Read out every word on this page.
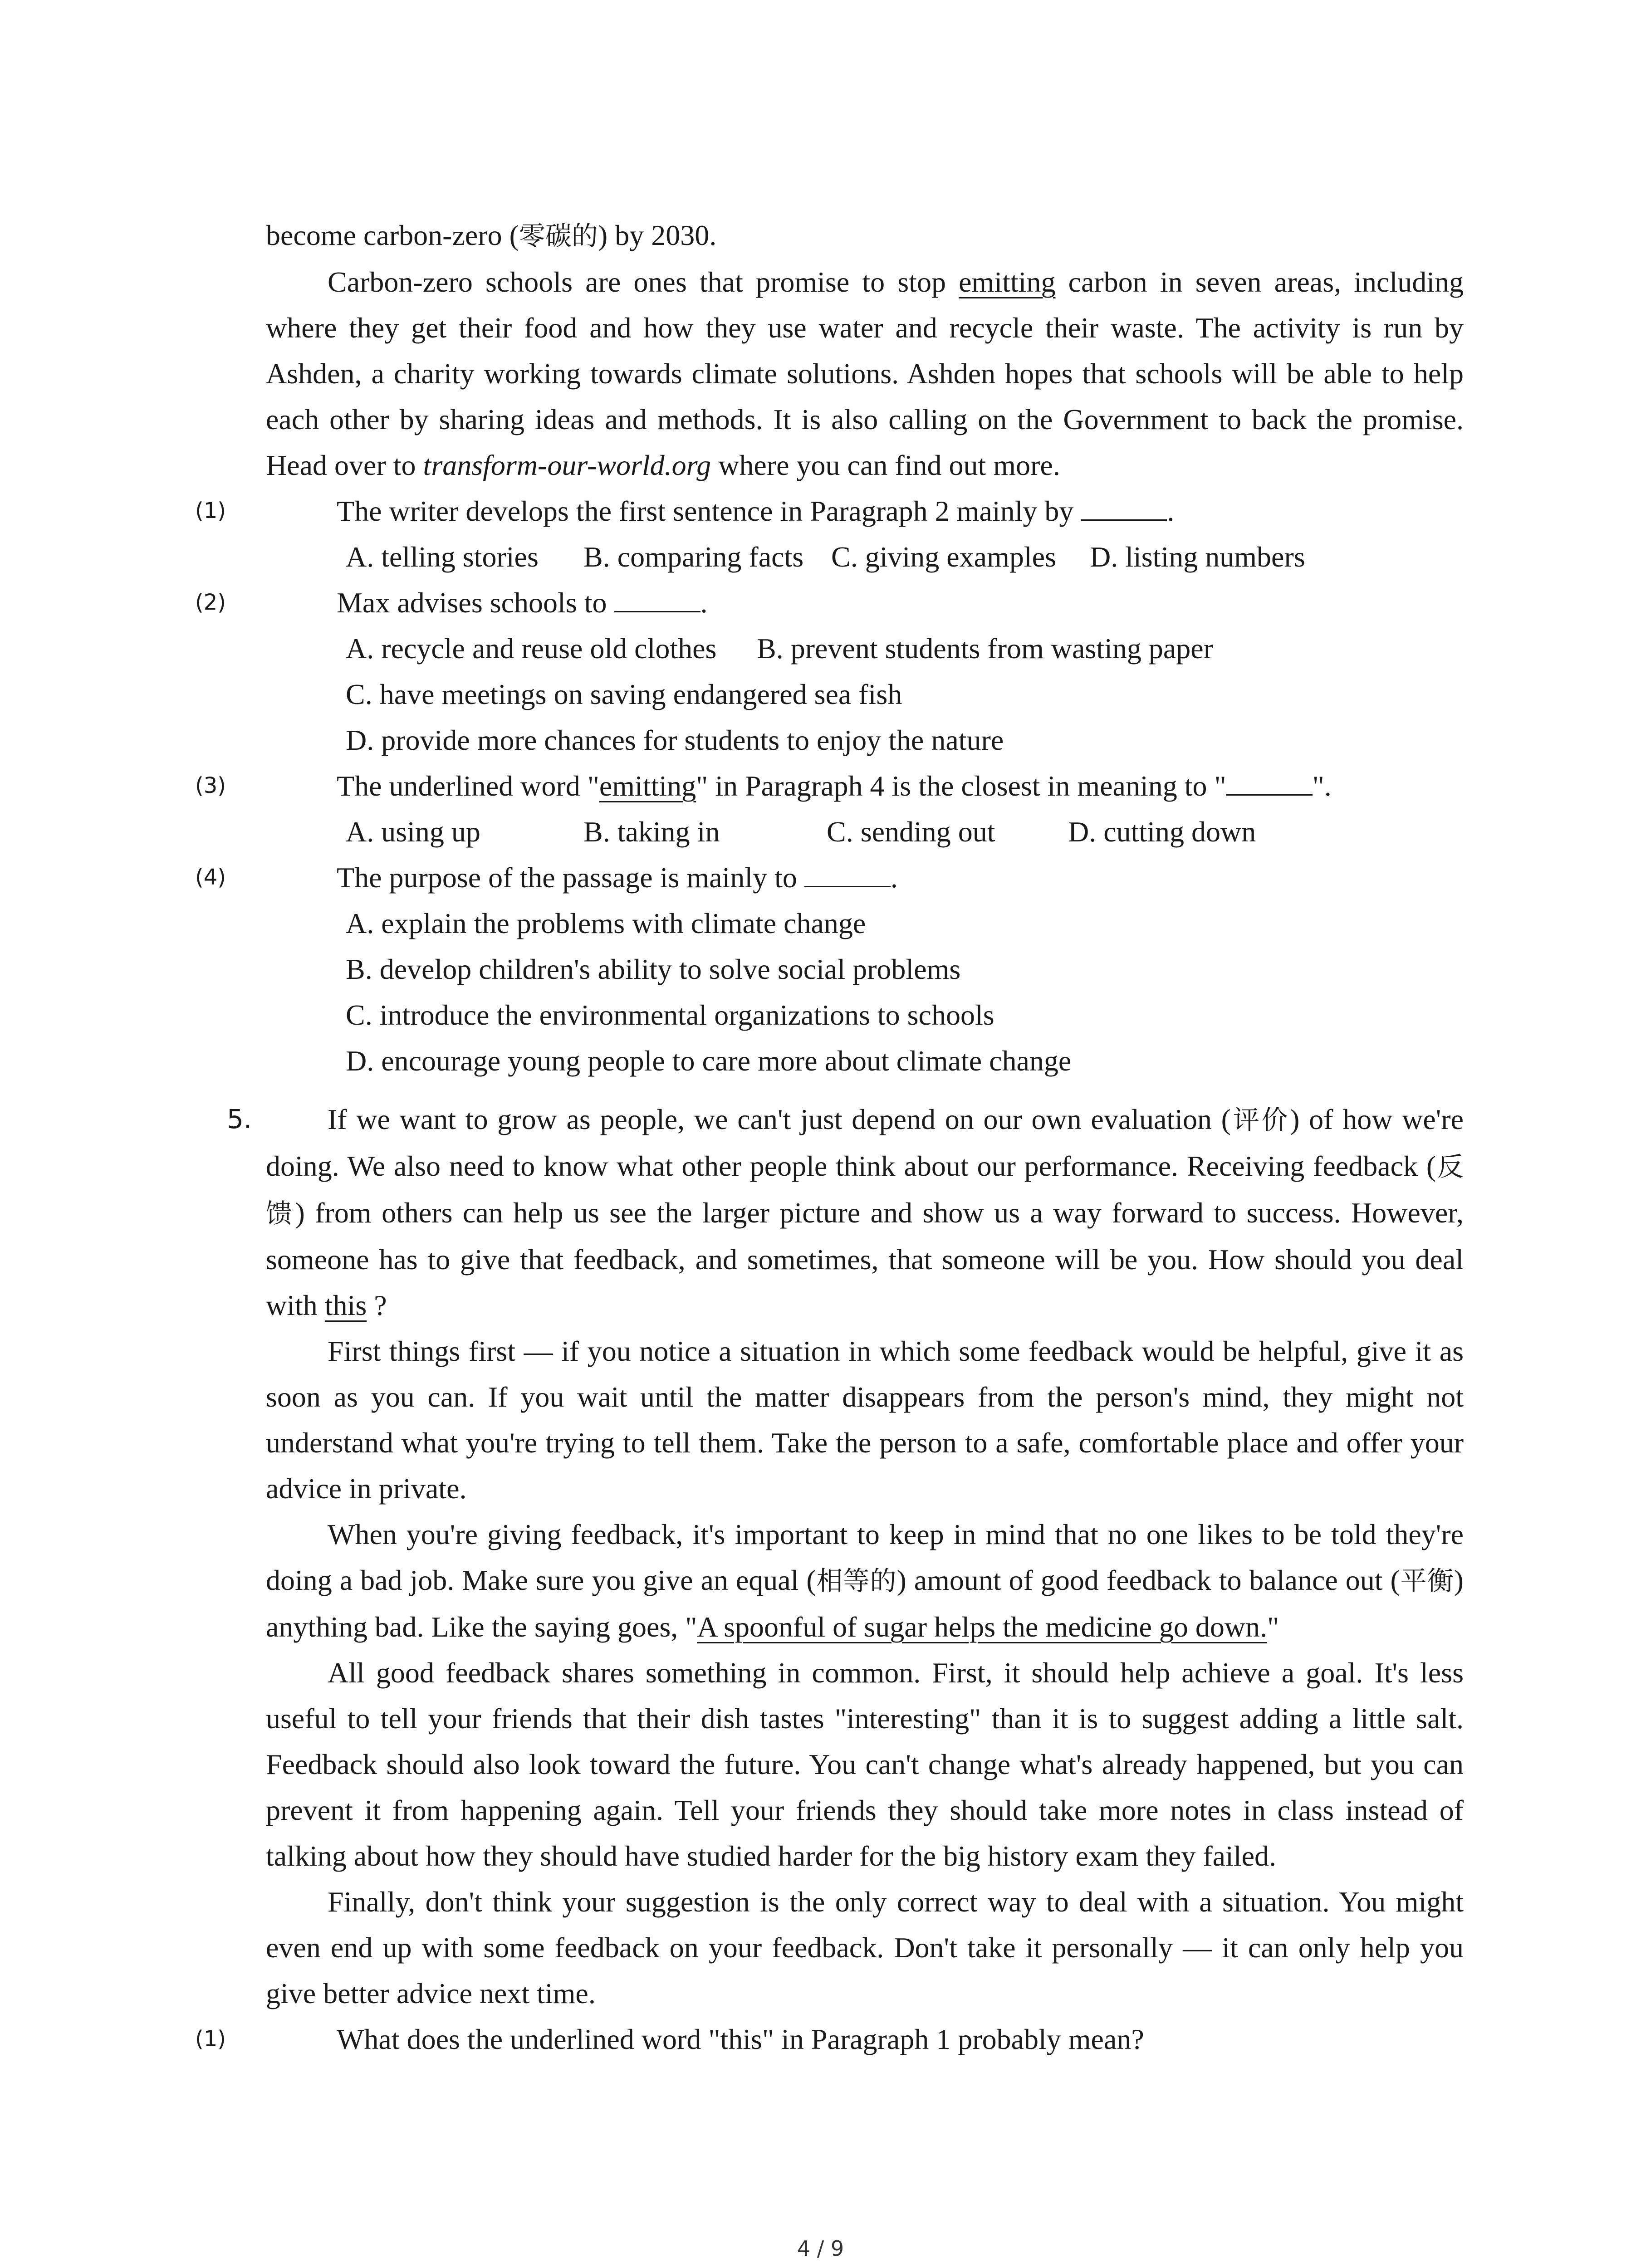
become carbon-zero (零碳的) by 2030.

Carbon-zero schools are ones that promise to stop emitting carbon in seven areas, including where they get their food and how they use water and recycle their waste. The activity is run by Ashden, a charity working towards climate solutions. Ashden hopes that schools will be able to help each other by sharing ideas and methods. It is also calling on the Government to back the promise. Head over to transform-our-world.org where you can find out more.

(1)	The writer develops the first sentence in Paragraph 2 mainly by	.
A. telling stories	B. comparing facts C. giving examples	D. listing numbers
(2)	Max advises schools to	.
A. recycle and reuse old clothes	B. prevent students from wasting paper
C. have meetings on saving endangered sea fish
D. provide more chances for students to enjoy the nature
(3)	The underlined word "emitting" in Paragraph 4 is the closest in meaning to "	".
A. using up	B. taking in	C. sending out	D. cutting down
(4)	The purpose of the passage is mainly to	.
A. explain the problems with climate change
B. develop children's ability to solve social problems
C. introduce the environmental organizations to schools
D. encourage young people to care more about climate change
5.	If we want to grow as people, we can't just depend on our own evaluation (评价) of how we're doing. We also need to know what other people think about our performance. Receiving feedback (反馈) from others can help us see the larger picture and show us a way forward to success. However, someone has to give that feedback, and sometimes, that someone will be you. How should you deal with this ?

First things first — if you notice a situation in which some feedback would be helpful, give it as soon as you can. If you wait until the matter disappears from the person's mind, they might not understand what you're trying to tell them. Take the person to a safe, comfortable place and offer your advice in private.

When you're giving feedback, it's important to keep in mind that no one likes to be told they're doing a bad job. Make sure you give an equal (相等的) amount of good feedback to balance out (平衡) anything bad. Like the saying goes, "A spoonful of sugar helps the medicine go down."

All good feedback shares something in common. First, it should help achieve a goal. It's less useful to tell your friends that their dish tastes "interesting" than it is to suggest adding a little salt. Feedback should also look toward the future. You can't change what's already happened, but you can prevent it from happening again. Tell your friends they should take more notes in class instead of talking about how they should have studied harder for the big history exam they failed.

Finally, don't think your suggestion is the only correct way to deal with a situation. You might even end up with some feedback on your feedback. Don't take it personally — it can only help you give better advice next time.

(1)	What does the underlined word "this" in Paragraph 1 probably mean?
4 / 9
